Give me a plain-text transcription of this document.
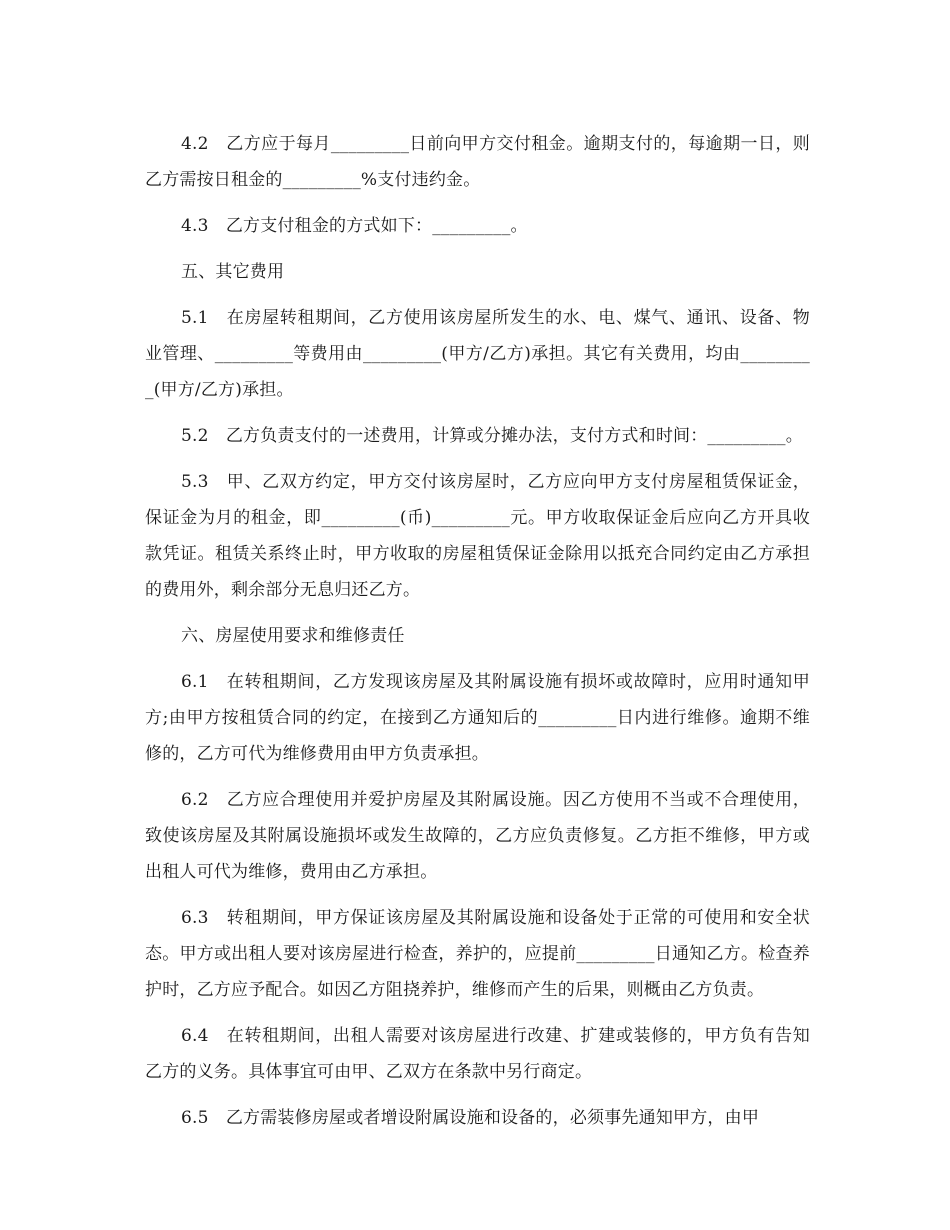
4.2　乙方应于每月_________日前向甲方交付租金。逾期支付的，每逾期一日，则乙方需按日租金的_________%支付违约金。

4.3　乙方支付租金的方式如下：_________。

五、其它费用

5.1　在房屋转租期间，乙方使用该房屋所发生的水、电、煤气、通讯、设备、物业管理、_________等费用由_________(甲方/乙方)承担。其它有关费用，均由_________(甲方/乙方)承担。

5.2　乙方负责支付的一述费用，计算或分摊办法，支付方式和时间：_________。

5.3　甲、乙双方约定，甲方交付该房屋时，乙方应向甲方支付房屋租赁保证金，保证金为月的租金，即_________(币)_________元。甲方收取保证金后应向乙方开具收款凭证。租赁关系终止时，甲方收取的房屋租赁保证金除用以抵充合同约定由乙方承担的费用外，剩余部分无息归还乙方。

六、房屋使用要求和维修责任

6.1　在转租期间，乙方发现该房屋及其附属设施有损坏或故障时，应用时通知甲方;由甲方按租赁合同的约定，在接到乙方通知后的_________日内进行维修。逾期不维修的，乙方可代为维修费用由甲方负责承担。

6.2　乙方应合理使用并爱护房屋及其附属设施。因乙方使用不当或不合理使用，致使该房屋及其附属设施损坏或发生故障的，乙方应负责修复。乙方拒不维修，甲方或出租人可代为维修，费用由乙方承担。

6.3　转租期间，甲方保证该房屋及其附属设施和设备处于正常的可使用和安全状态。甲方或出租人要对该房屋进行检查，养护的，应提前_________日通知乙方。检查养护时，乙方应予配合。如因乙方阻挠养护，维修而产生的后果，则概由乙方负责。

6.4　在转租期间，出租人需要对该房屋进行改建、扩建或装修的，甲方负有告知乙方的义务。具体事宜可由甲、乙双方在条款中另行商定。

6.5　乙方需装修房屋或者增设附属设施和设备的，必须事先通知甲方，由甲
